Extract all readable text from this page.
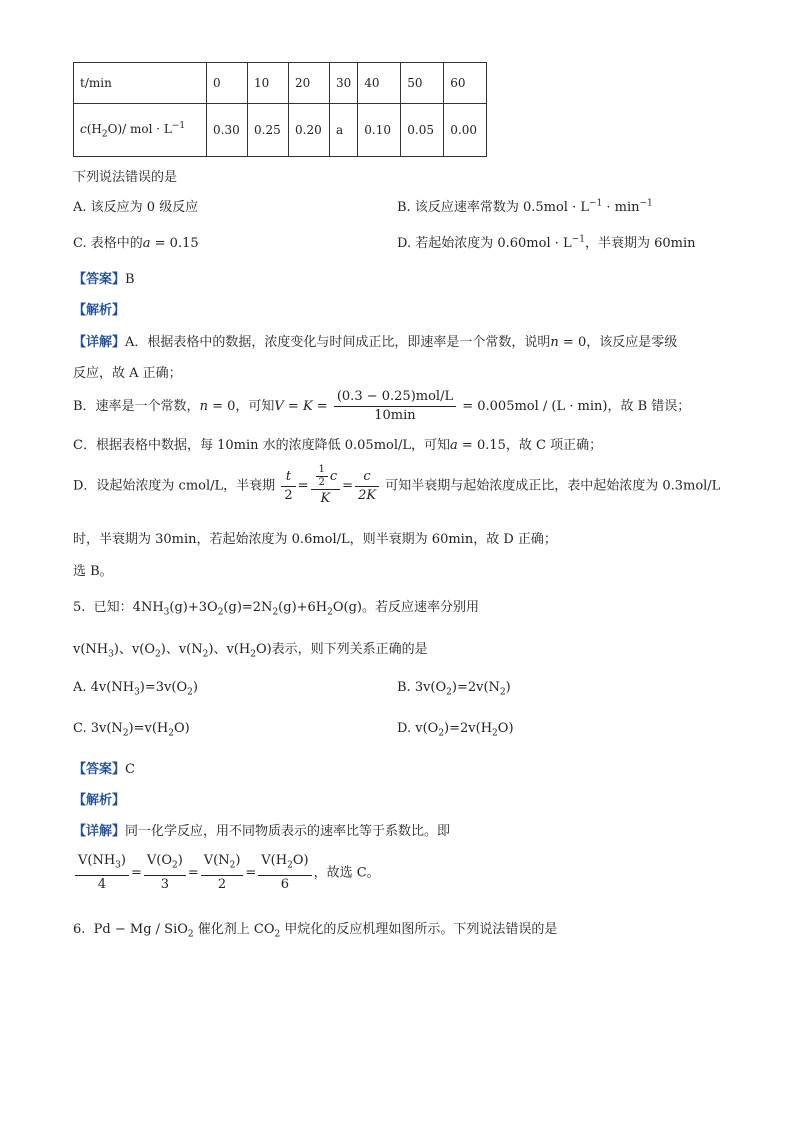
t/min	0	10	20	30	40	50	60
$c(H_2O)/$ mol · $L^{-1}$	0.30	0.25	0.20	a	0.10	0.05	0.00
下列说法错误的是
A. 该反应为 0 级反应	B. 该反应速率常数为 $0.5mol \cdot L^{-1} \cdot \min^{-1}$
C. 表格中的a = 0.15	D. 若起始浓度为 $0.60mol \cdot L^{-1}$，半衰期为 60min
【答案】B
【解析】
【详解】A．根据表格中的数据，浓度变化与时间成正比，即速率是一个常数，说明n = 0，该反应是零级
反应，故 A 正确；
B．速率是一个常数，n = 0，可知$V = K = \frac{\text{(0.3 − 0.25)mol/L}}{10\min} = 0.005mol / (L \cdot \min)$，故 B 错误；
C．根据表格中数据，每 10min 水的浓度降低 0.05mol/L，可知a = 0.15，故 C 项正确；
D．设起始浓度为 cmol/L，半衰期 $\frac{t}{2} = \frac{\frac{1}{2} c}{K} = \frac{c}{2K}$ 可知半衰期与起始浓度成正比，表中起始浓度为 0.3mol/L
时，半衰期为 30min，若起始浓度为 0.6mol/L，则半衰期为 60min，故 D 正确；
选 B。
5. 已知：$4NH_3(g)+3O_2(g)=2N_2(g)+6H_2O(g)$。若反应速率分别用
$v(NH_3)$、$v(O_2)$、$v(N_2)$、$v(H_2O)$表示，则下列关系正确的是
A. $4v(NH_3)=3v(O_2)$	B. $3v(O_2)=2v(N_2)$
C. $3v(N_2)=v(H_2O)$	D. $v(O_2)=2v(H_2O)$
【答案】C
【解析】
【详解】同一化学反应，用不同物质表示的速率比等于系数比。即
$\frac{V(NH_3)}{4} = \frac{V(O_2)}{3} = \frac{V(N_2)}{2} = \frac{V(H_2O)}{6}$ ，故选 C。
6. Pd − Mg / SiO$_2$ 催化剂上 $CO_2$ 甲烷化的反应机理如图所示。下列说法错误的是
